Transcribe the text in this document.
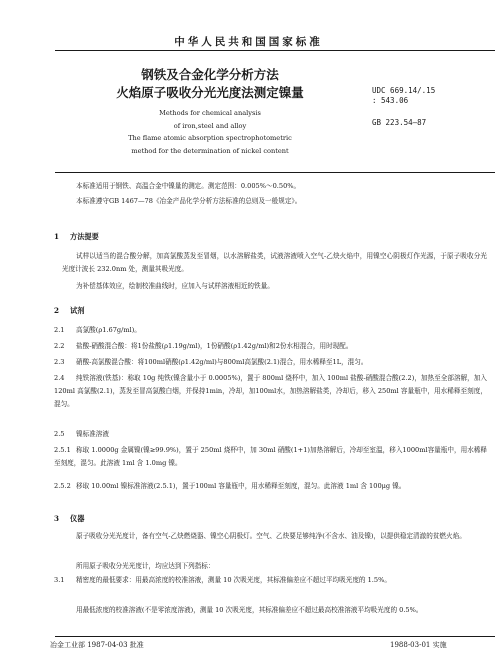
中华人民共和国国家标准
钢铁及合金化学分析方法
火焰原子吸收分光光度法测定镍量	UDC 669.14/.15
: 543.06
GB 223.54—87
Methods for chemical analysis
of iron,steel and alloy
The flame atomic absorption spectrophotometric
method for the determination of nickel content
本标准适用于钢铁、高温合金中镍量的测定。测定范围：0.005%～0.50%。
本标准遵守GB 1467—78《冶金产品化学分析方法标准的总则及一般规定》。
1 方法提要
试样以适当的混合酸分解，加高氯酸蒸发至冒烟，以水溶解盐类，试液溶液喷入空气-乙炔火焰中，用镍空心阴极灯作光源，于原子吸收分光光度计波长 232.0nm 处，测量其吸光度。
为补偿基体效应，绘制校准曲线时，应加入与试样溶液相近的铁量。
2 试剂
2.1 高氯酸(ρ1.67g/ml)。
2.2 盐酸-硝酸混合酸：将1份盐酸(ρ1.19g/ml)，1份硝酸(ρ1.42g/ml)和2份水相混合，用时现配。
2.3 硝酸-高氯酸混合酸：将100ml硝酸(ρ1.42g/ml)与800ml高氯酸(2.1)混合，用水稀释至1L，混匀。
2.4 纯铁溶液(铁基)：称取 10g 纯铁(镍含量小于 0.0005%)，置于 800ml 烧杯中，加入 100ml 盐酸-硝酸混合酸(2.2)，加热至全部溶解，加入 120ml 高氯酸(2.1)，蒸发至冒高氯酸白烟，并保持1min，冷却，加100ml水，加热溶解盐类，冷却后，移入 250ml 容量瓶中，用水稀释至刻度，混匀。
2.5 镍标准溶液
2.5.1 称取 1.0000g 金属镍(镍≥99.9%)，置于 250ml 烧杯中，加 30ml 硝酸(1+1)加热溶解后，冷却至室温，移入1000ml容量瓶中，用水稀释至刻度，混匀。此溶液 1ml 含 1.0mg 镍。
2.5.2 移取 10.00ml 镍标准溶液(2.5.1)，置于100ml 容量瓶中，用水稀释至刻度，混匀。此溶液 1ml 含 100μg 镍。
3 仪器
原子吸收分光光度计，备有空气-乙炔燃烧器、镍空心阴极灯。空气、乙炔要足够纯净(不含水、油及镍)，以提供稳定清澈的贫燃火焰。
所用原子吸收分光光度计，均应达到下列指标：
3.1 精密度的最低要求：用最高浓度的校准溶液，测量 10 次吸光度，其标准偏差应不超过平均吸光度的 1.5%。
用最低浓度的校准溶液(不是零浓度溶液)，测量 10 次吸光度，其标准偏差应不超过最高校准溶液平均吸光度的 0.5%。
冶金工业部 1987-04-03 批准	1988-03-01 实施
